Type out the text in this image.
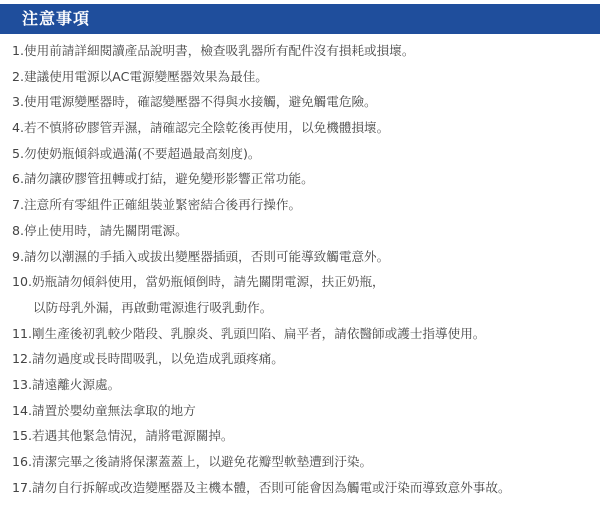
注意事項
1.使用前請詳細閱讀產品說明書，檢查吸乳器所有配件沒有損耗或損壞。
2.建議使用電源以AC電源變壓器效果為最佳。
3.使用電源變壓器時，確認變壓器不得與水接觸，避免觸電危險。
4.若不慎將矽膠管弄濕，請確認完全陰乾後再使用，以免機體損壞。
5.勿使奶瓶傾斜或過滿(不要超過最高刻度)。
6.請勿讓矽膠管扭轉或打結，避免變形影響正常功能。
7.注意所有零組件正確組裝並緊密結合後再行操作。
8.停止使用時，請先關閉電源。
9.請勿以潮濕的手插入或拔出變壓器插頭，否則可能導致觸電意外。
10.奶瓶請勿傾斜使用，當奶瓶傾倒時，請先關閉電源，扶正奶瓶，
以防母乳外漏，再啟動電源進行吸乳動作。
11.剛生產後初乳較少階段、乳腺炎、乳頭凹陷、扁平者，請依醫師或護士指導使用。
12.請勿過度或長時間吸乳，以免造成乳頭疼痛。
13.請遠離火源處。
14.請置於嬰幼童無法拿取的地方
15.若遇其他緊急情況，請將電源關掉。
16.清潔完畢之後請將保潔蓋蓋上，以避免花瓣型軟墊遭到汙染。
17.請勿自行拆解或改造變壓器及主機本體，否則可能會因為觸電或汙染而導致意外事故。
